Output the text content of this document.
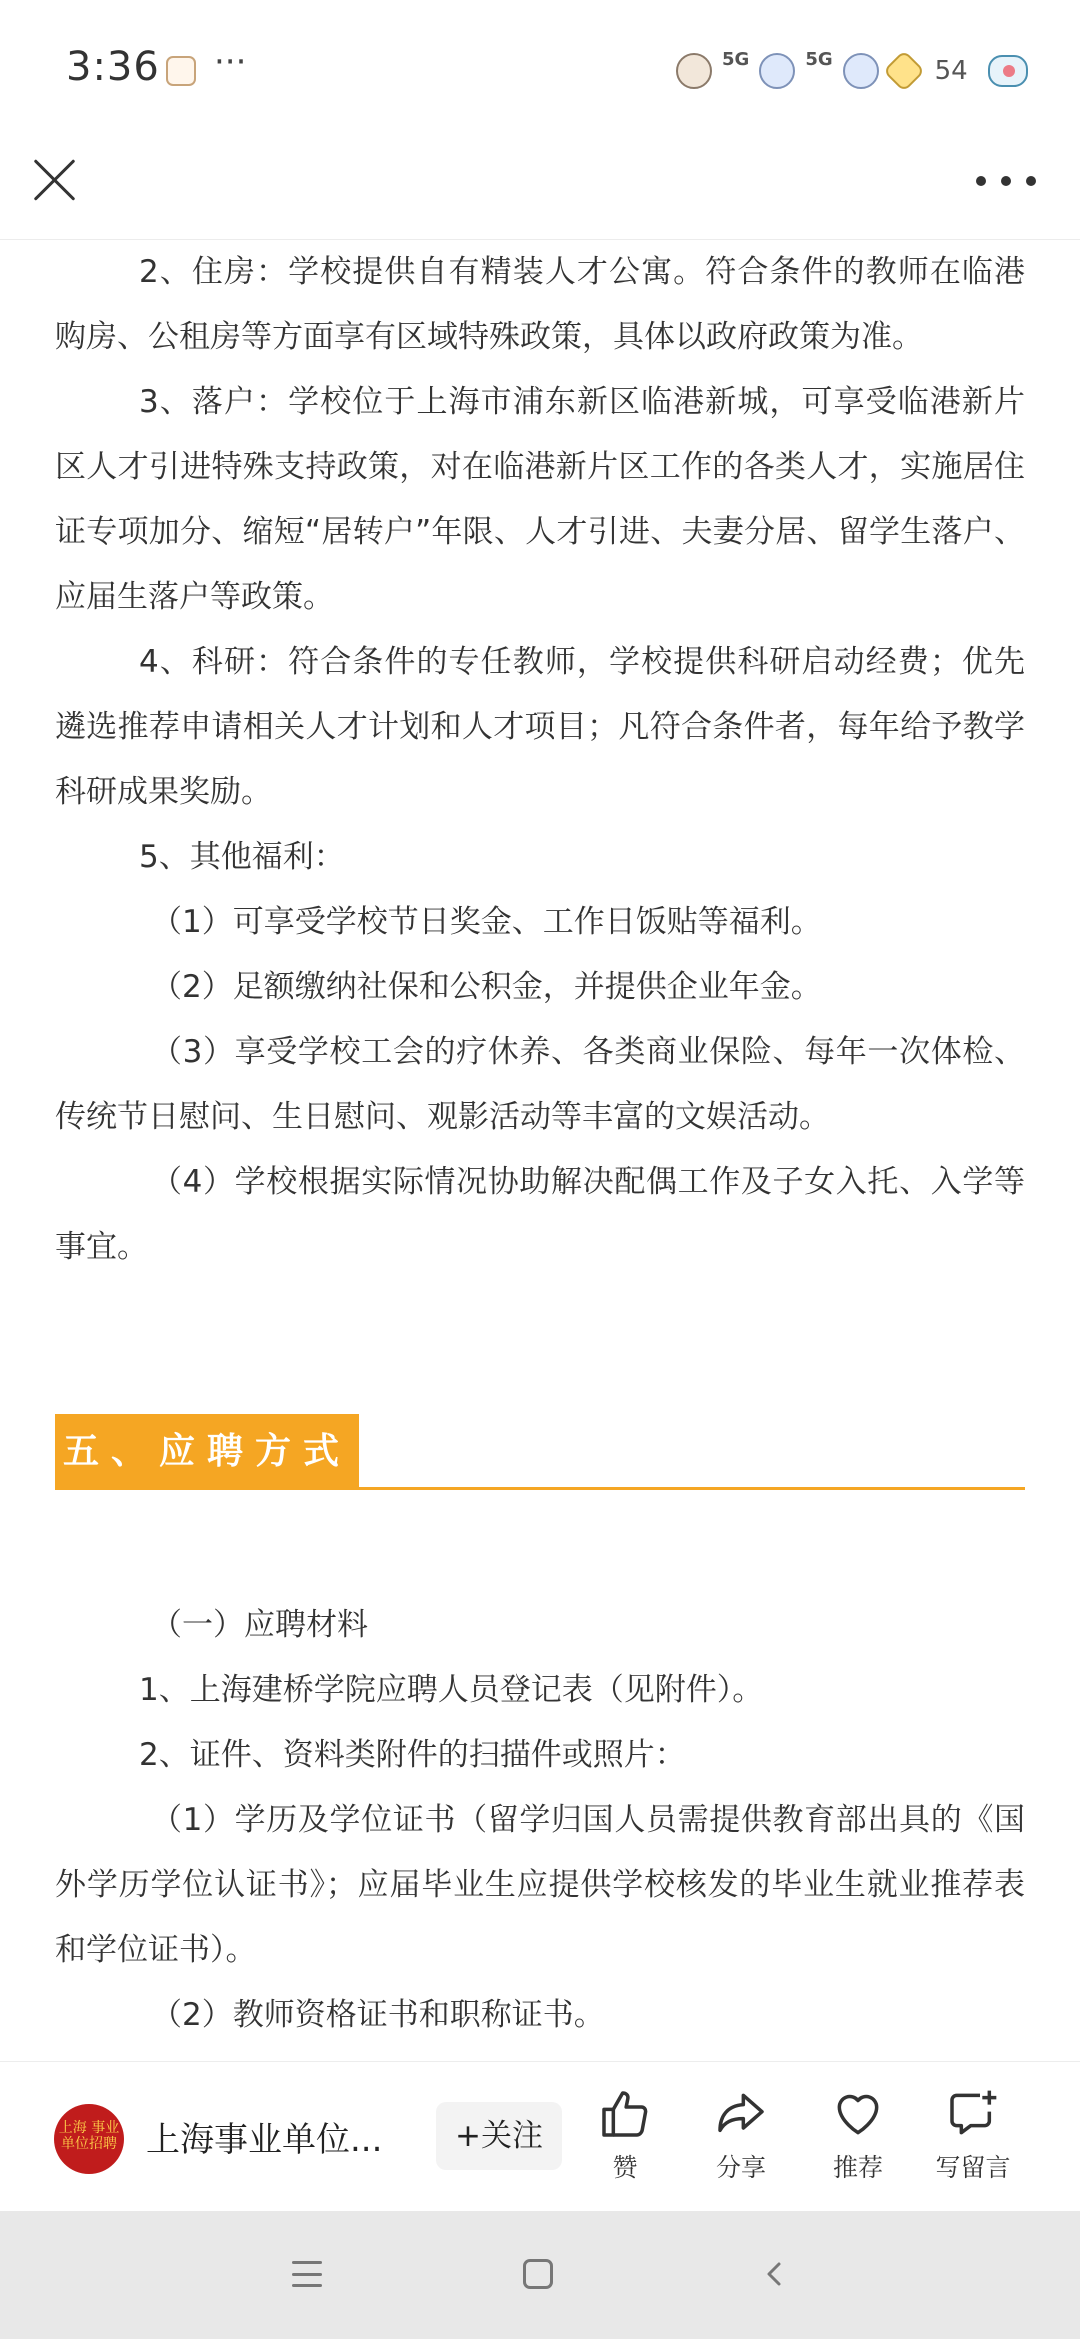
3:36 ···	5G	5G	54

2、住房：学校提供自有精装人才公寓。符合条件的教师在临港购房、公租房等方面享有区域特殊政策，具体以政府政策为准。

3、落户：学校位于上海市浦东新区临港新城，可享受临港新片区人才引进特殊支持政策，对在临港新片区工作的各类人才，实施居住证专项加分、缩短“居转户”年限、人才引进、夫妻分居、留学生落户、应届生落户等政策。

4、科研：符合条件的专任教师，学校提供科研启动经费；优先遴选推荐申请相关人才计划和人才项目；凡符合条件者，每年给予教学科研成果奖励。

5、其他福利：

（1）可享受学校节日奖金、工作日饭贴等福利。

（2）足额缴纳社保和公积金，并提供企业年金。

（3）享受学校工会的疗休养、各类商业保险、每年一次体检、传统节日慰问、生日慰问、观影活动等丰富的文娱活动。

（4）学校根据实际情况协助解决配偶工作及子女入托、入学等事宜。

五、应聘方式

（一）应聘材料

1、上海建桥学院应聘人员登记表（见附件）。

2、证件、资料类附件的扫描件或照片：

（1）学历及学位证书（留学归国人员需提供教育部出具的《国外学历学位认证书》；应届毕业生应提供学校核发的毕业生就业推荐表和学位证书）。

（2）教师资格证书和职称证书。

上海 事业单位招聘 上海事业单位...	+关注
赞	分享	推荐	写留言
